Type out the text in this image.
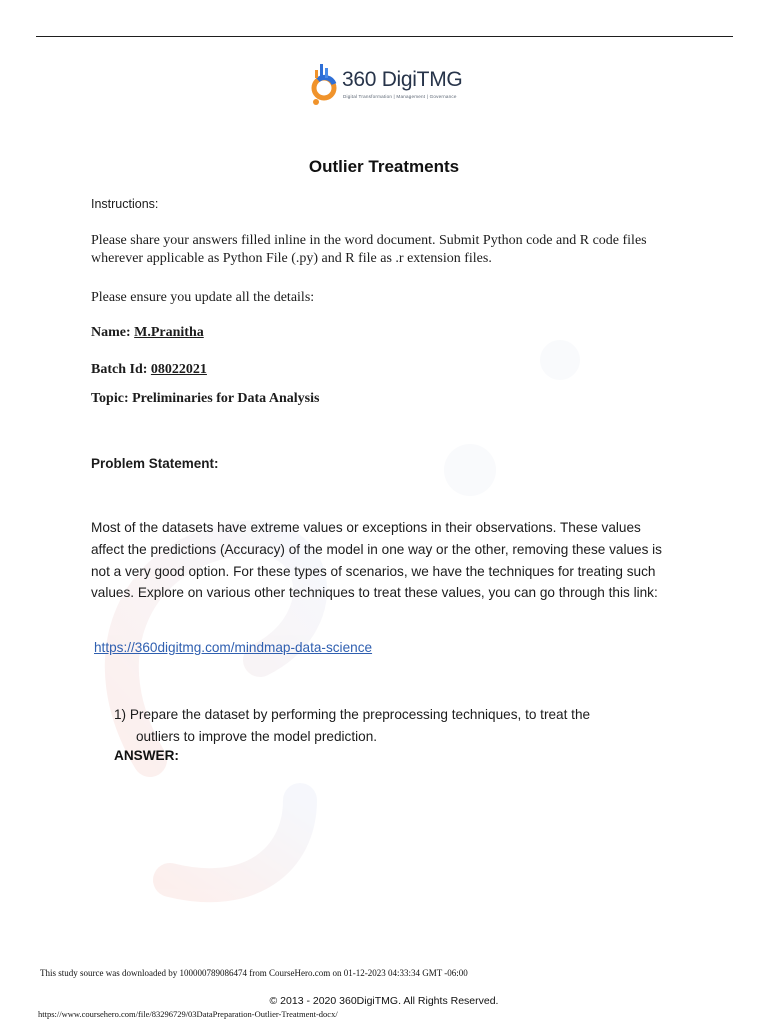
360 DigiTMG
Digital Transformation | Management | Governance
Outlier Treatments
Instructions:
Please share your answers filled inline in the word document. Submit Python code and R code files wherever applicable as Python File (.py) and R file as .r extension files.
Please ensure you update all the details:
Name: M.Pranitha
Batch Id: 08022021
Topic: Preliminaries for Data Analysis
Problem Statement:
Most of the datasets have extreme values or exceptions in their observations. These values affect the predictions (Accuracy) of the model in one way or the other, removing these values is not a very good option. For these types of scenarios, we have the techniques for treating such values. Explore on various other techniques to treat these values, you can go through this link:
https://360digitmg.com/mindmap-data-science
1) Prepare the dataset by performing the preprocessing techniques, to treat the
outliers to improve the model prediction.
ANSWER:
This study source was downloaded by 100000789086474 from CourseHero.com on 01-12-2023 04:33:34 GMT -06:00
© 2013 - 2020 360DigiTMG. All Rights Reserved.
https://www.coursehero.com/file/83296729/03DataPreparation-Outlier-Treatment-docx/
